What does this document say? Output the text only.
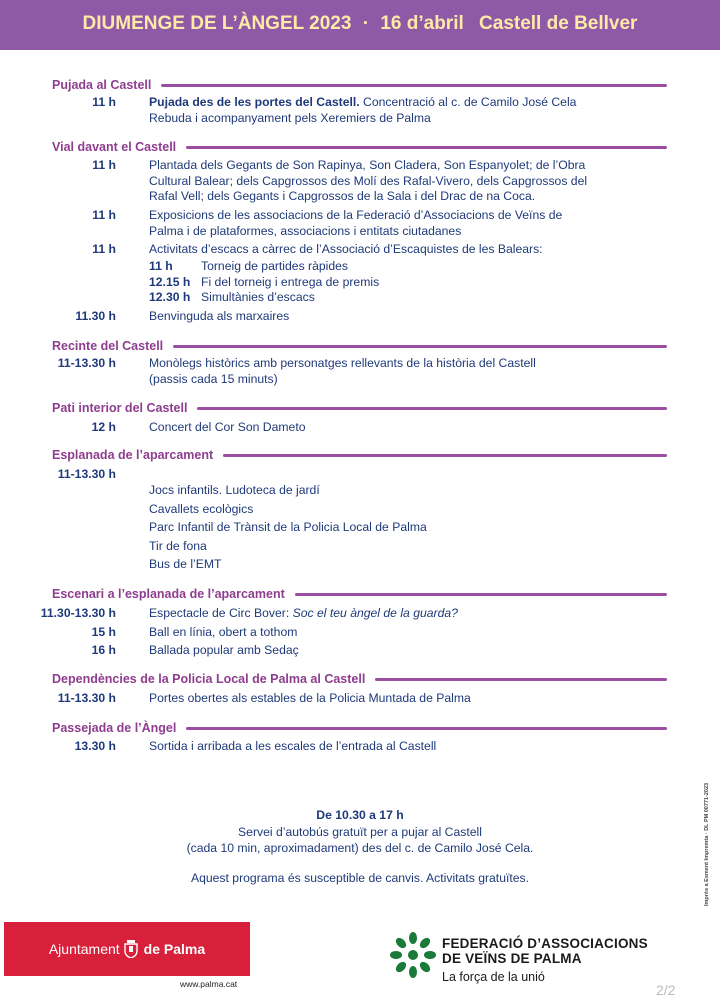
DIUMENGE DE L’ÀNGEL 2023 · 16 d’abril Castell de Bellver
Pujada al Castell
11 h	Pujada des de les portes del Castell. Concentració al c. de Camilo José Cela
Rebuda i acompanyament pels Xeremiers de Palma
Vial davant el Castell
11 h	Plantada dels Gegants de Son Rapinya, Son Cladera, Son Espanyolet; de l’Obra
Cultural Balear; dels Capgrossos des Molí des Rafal-Vivero, dels Capgrossos del
Rafal Vell; dels Gegants i Capgrossos de la Sala i del Drac de na Coca.
11 h	Exposicions de les associacions de la Federació d’Associacions de Veïns de
Palma i de plataformes, associacions i entitats ciutadanes
11 h	Activitats d’escacs a càrrec de l’Associació d’Escaquistes de les Balears:
11 h Torneig de partides ràpides
12.15 h Fi del torneig i entrega de premis
12.30 h Simultànies d’escacs
11.30 h	Benvinguda als marxaires
Recinte del Castell
11-13.30 h	Monòlegs històrics amb personatges rellevants de la història del Castell
(passis cada 15 minuts)
Pati interior del Castell
12 h	Concert del Cor Son Dameto
Esplanada de l’aparcament
11-13.30 h
Jocs infantils. Ludoteca de jardí
Cavallets ecològics
Parc Infantil de Trànsit de la Policia Local de Palma
Tir de fona
Bus de l’EMT
Escenari a l’esplanada de l’aparcament
11.30-13.30 h	Espectacle de Circ Bover: Soc el teu àngel de la guarda?
15 h	Ball en línia, obert a tothom
16 h	Ballada popular amb Sedaç
Dependències de la Policia Local de Palma al Castell
11-13.30 h	Portes obertes als estables de la Policia Muntada de Palma
Passejada de l’Àngel
13.30 h	Sortida i arribada a les escales de l’entrada al Castell
De 10.30 a 17 h
Servei d’autobús gratuït per a pujar al Castell
(cada 10 min, aproximadament) des del c. de Camilo José Cela.
Aquest programa és susceptible de canvis. Activitats gratuïtes.	Imprès a Esment Impremta · DL PM 00771-2023
Ajuntament de Palma
www.palma.cat
FEDERACIÓ D’ASSOCIACIONS
DE VEÏNS DE PALMA
La força de la unió
2/2
